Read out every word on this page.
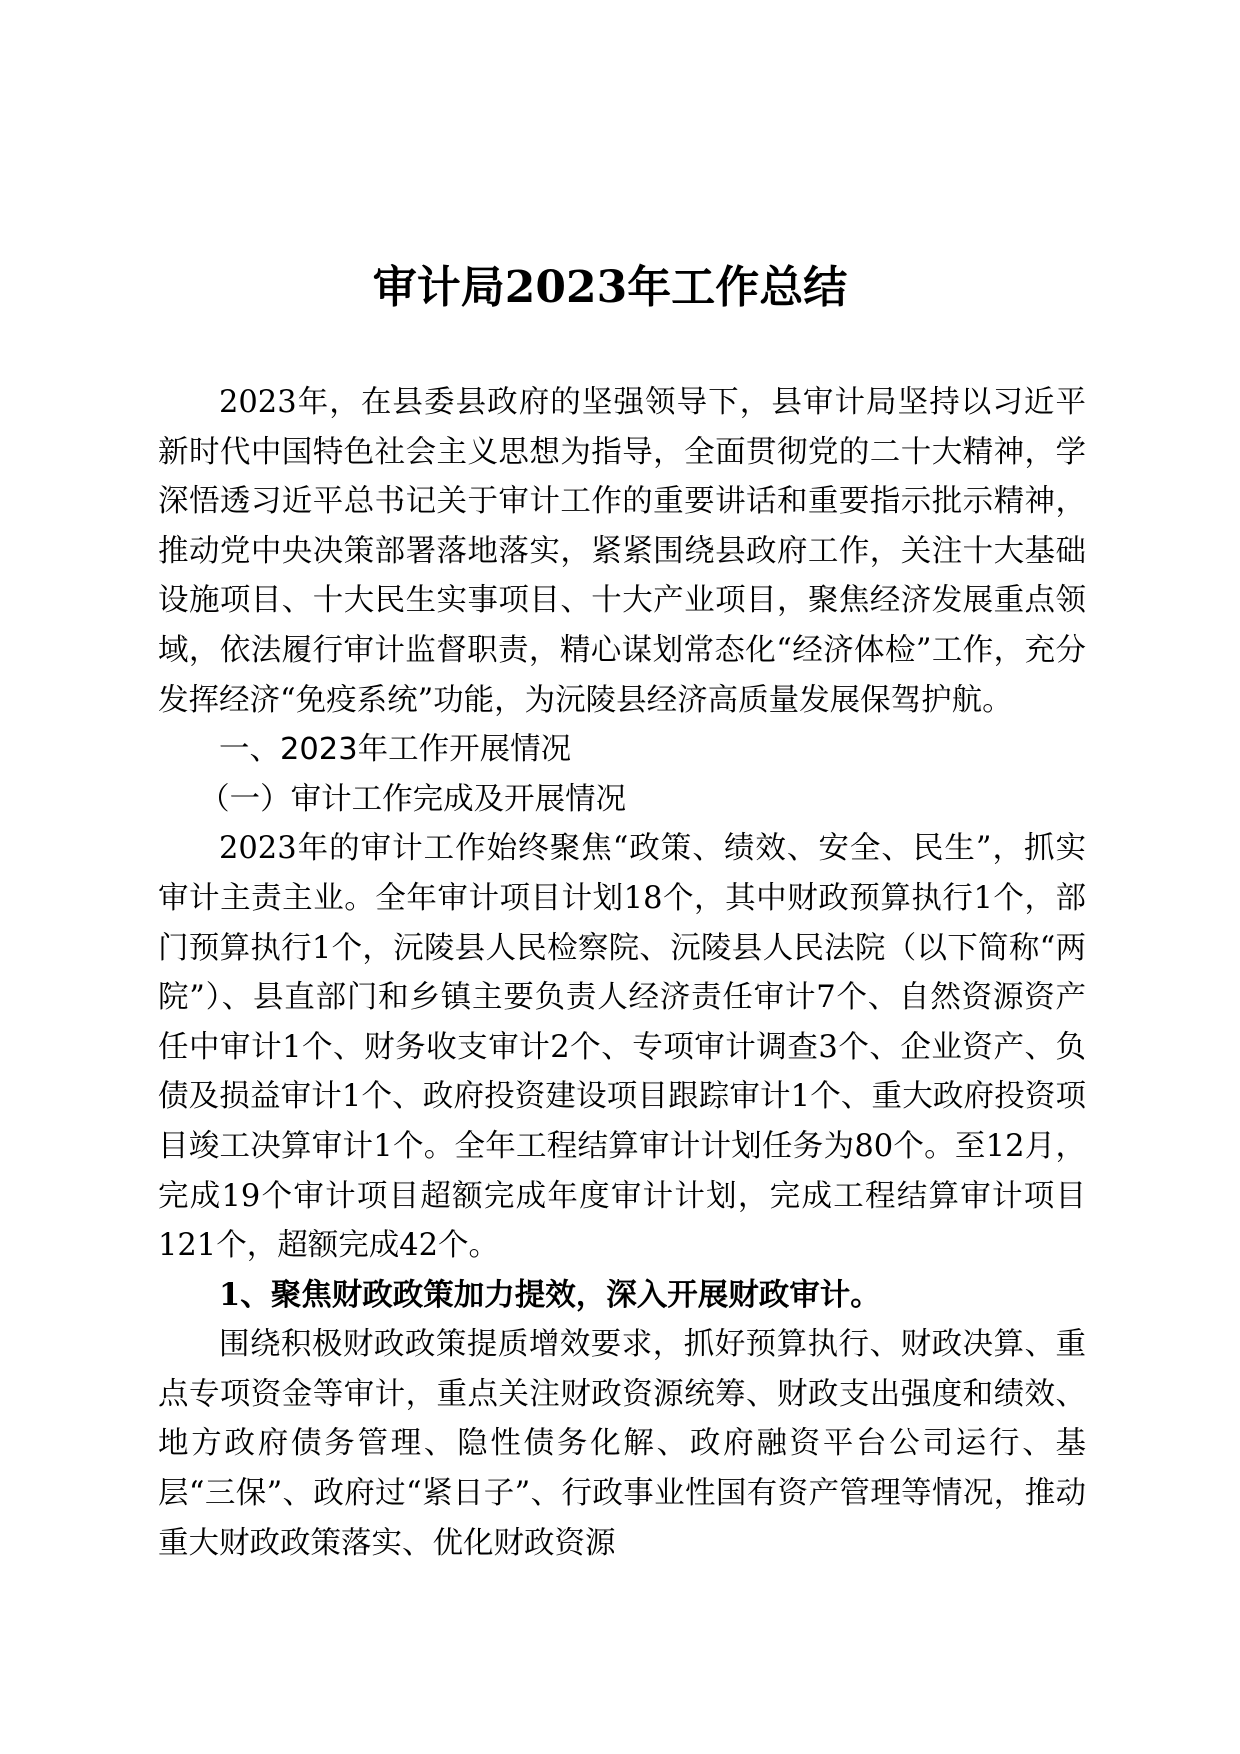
审计局2023年工作总结

2023年，在县委县政府的坚强领导下，县审计局坚持以习近平新时代中国特色社会主义思想为指导，全面贯彻党的二十大精神，学深悟透习近平总书记关于审计工作的重要讲话和重要指示批示精神，推动党中央决策部署落地落实，紧紧围绕县政府工作，关注十大基础设施项目、十大民生实事项目、十大产业项目，聚焦经济发展重点领域，依法履行审计监督职责，精心谋划常态化“经济体检”工作，充分发挥经济“免疫系统”功能，为沅陵县经济高质量发展保驾护航。

一、2023年工作开展情况

（一）审计工作完成及开展情况

2023年的审计工作始终聚焦“政策、绩效、安全、民生”，抓实审计主责主业。全年审计项目计划18个，其中财政预算执行1个，部门预算执行1个，沅陵县人民检察院、沅陵县人民法院（以下简称“两院”）、县直部门和乡镇主要负责人经济责任审计7个、自然资源资产任中审计1个、财务收支审计2个、专项审计调查3个、企业资产、负债及损益审计1个、政府投资建设项目跟踪审计1个、重大政府投资项目竣工决算审计1个。全年工程结算审计计划任务为80个。至12月，完成19个审计项目超额完成年度审计计划，完成工程结算审计项目121个，超额完成42个。

1、聚焦财政政策加力提效，深入开展财政审计。

围绕积极财政政策提质增效要求，抓好预算执行、财政决算、重点专项资金等审计，重点关注财政资源统筹、财政支出强度和绩效、地方政府债务管理、隐性债务化解、政府融资平台公司运行、基层“三保”、政府过“紧日子”、行政事业性国有资产管理等情况，推动重大财政政策落实、优化财政资源
